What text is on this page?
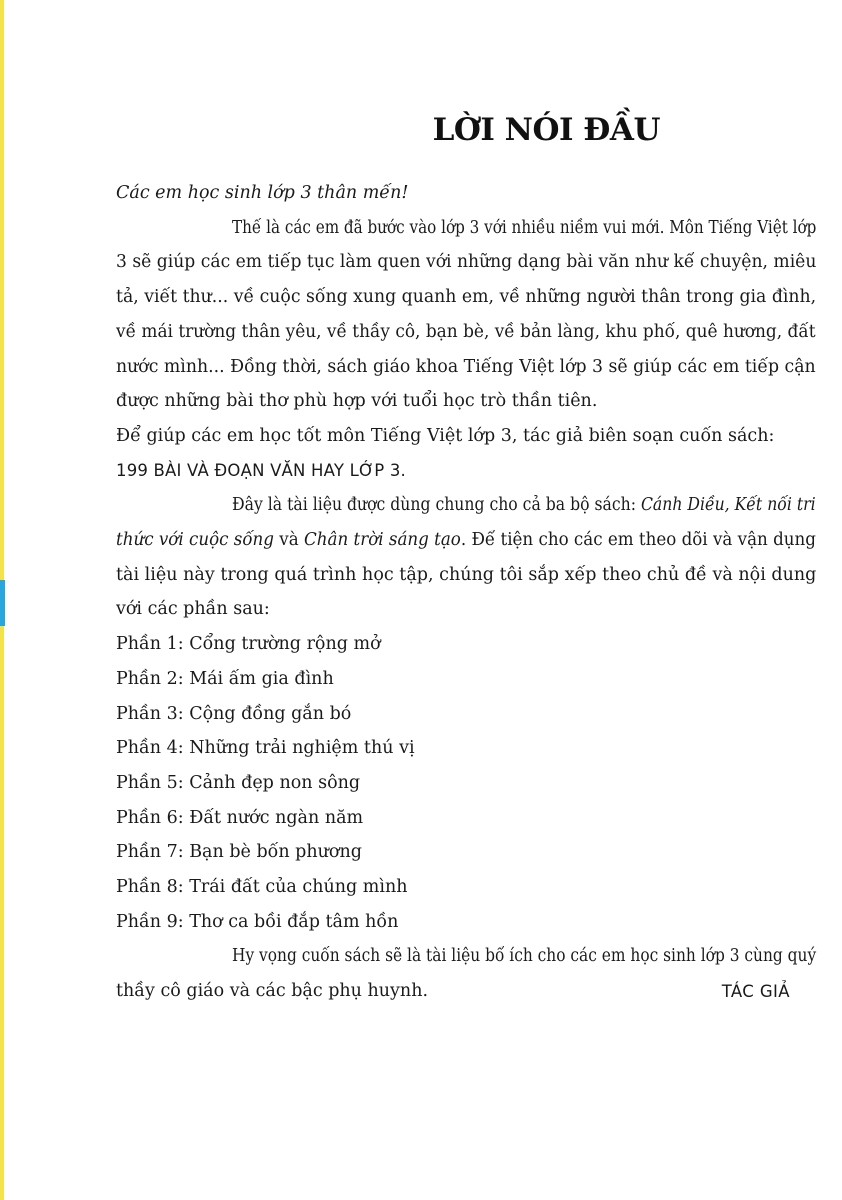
LỜI NÓI ĐẦU

Các em học sinh lớp 3 thân mến!

Thế là các em đã bước vào lớp 3 với nhiều niềm vui mới. Môn Tiếng Việt lớp
3 sẽ giúp các em tiếp tục làm quen với những dạng bài văn như kể chuyện, miêu
tả, viết thư... về cuộc sống xung quanh em, về những người thân trong gia đình,
về mái trường thân yêu, về thầy cô, bạn bè, về bản làng, khu phố, quê hương, đất
nước mình... Đồng thời, sách giáo khoa Tiếng Việt lớp 3 sẽ giúp các em tiếp cận
được những bài thơ phù hợp với tuổi học trò thần tiên.

Để giúp các em học tốt môn Tiếng Việt lớp 3, tác giả biên soạn cuốn sách:

199 BÀI VÀ ĐOẠN VĂN HAY LỚP 3.

Đây là tài liệu được dùng chung cho cả ba bộ sách: Cánh Diều, Kết nối tri
thức với cuộc sống và Chân trời sáng tạo. Để tiện cho các em theo dõi và vận dụng
tài liệu này trong quá trình học tập, chúng tôi sắp xếp theo chủ đề và nội dung
với các phần sau:
Phần 1: Cổng trường rộng mở
Phần 2: Mái ấm gia đình
Phần 3: Cộng đồng gắn bó
Phần 4: Những trải nghiệm thú vị
Phần 5: Cảnh đẹp non sông
Phần 6: Đất nước ngàn năm
Phần 7: Bạn bè bốn phương
Phần 8: Trái đất của chúng mình
Phần 9: Thơ ca bồi đắp tâm hồn
Hy vọng cuốn sách sẽ là tài liệu bổ ích cho các em học sinh lớp 3 cùng quý
thầy cô giáo và các bậc phụ huynh.	TÁC GIẢ
